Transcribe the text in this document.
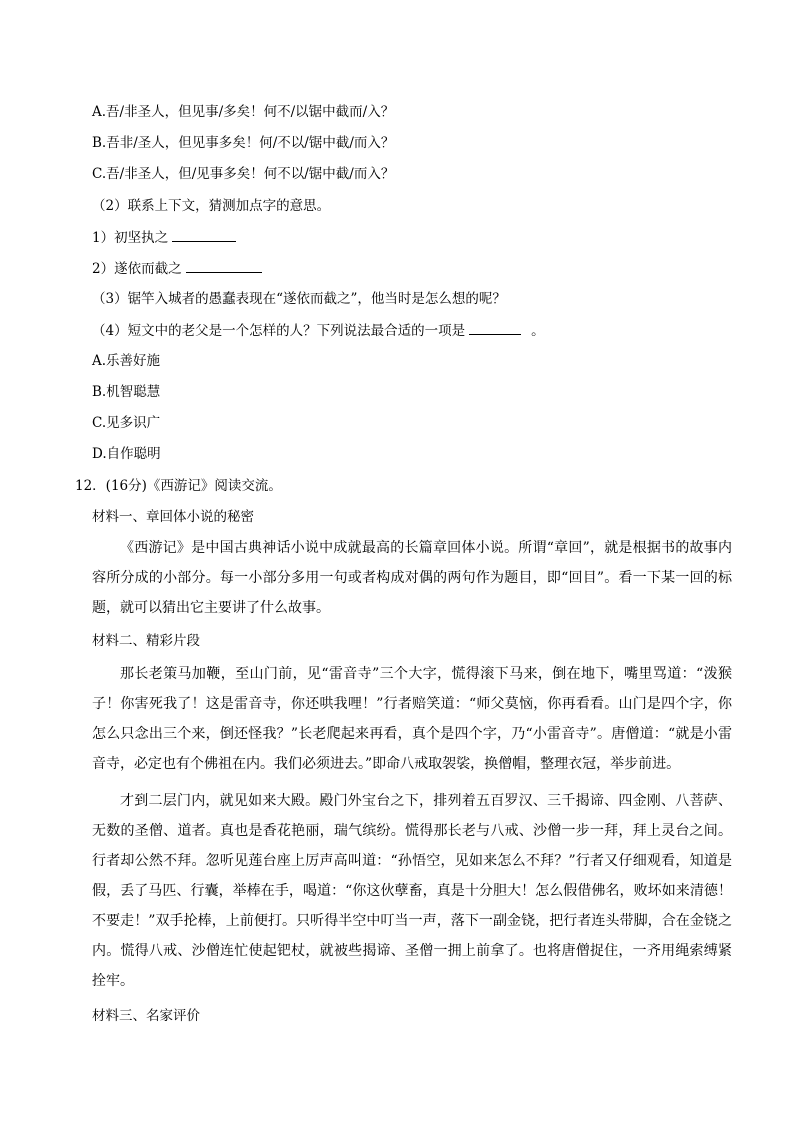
A.吾/非圣人，但见事/多矣！何不/以锯中截而/入？
B.吾非/圣人，但见事多矣！何/不以/锯中截/而入？
C.吾/非圣人，但/见事多矣！何不以/锯中截/而入？
（2）联系上下文，猜测加点字的意思。
1）初坚执之
2）遂依而截之
（3）锯竿入城者的愚蠢表现在“遂依而截之”，他当时是怎么想的呢？
（4）短文中的老父是一个怎样的人？下列说法最合适的一项是	。
A.乐善好施
B.机智聪慧
C.见多识广
D.自作聪明
12．(16分)《西游记》阅读交流。
材料一、章回体小说的秘密
《西游记》是中国古典神话小说中成就最高的长篇章回体小说。所谓“章回”，就是根据书的故事内容所分成的小部分。每一小部分多用一句或者构成对偶的两句作为题目，即“回目”。看一下某一回的标题，就可以猜出它主要讲了什么故事。
材料二、精彩片段
那长老策马加鞭，至山门前，见“雷音寺”三个大字，慌得滚下马来，倒在地下，嘴里骂道：“泼猴子！你害死我了！这是雷音寺，你还哄我哩！”行者赔笑道：“师父莫恼，你再看看。山门是四个字，你怎么只念出三个来，倒还怪我？”长老爬起来再看，真个是四个字，乃“小雷音寺”。唐僧道：“就是小雷音寺，必定也有个佛祖在内。我们必须进去。”即命八戒取袈裟，换僧帽，整理衣冠，举步前进。
才到二层门内，就见如来大殿。殿门外宝台之下，排列着五百罗汉、三千揭谛、四金刚、八菩萨、无数的圣僧、道者。真也是香花艳丽，瑞气缤纷。慌得那长老与八戒、沙僧一步一拜，拜上灵台之间。行者却公然不拜。忽听见莲台座上厉声高叫道：“孙悟空，见如来怎么不拜？”行者又仔细观看，知道是假，丢了马匹、行囊，举棒在手，喝道：“你这伙孽畜，真是十分胆大！怎么假借佛名，败坏如来清德！不要走！”双手抡棒，上前便打。只听得半空中叮当一声，落下一副金铙，把行者连头带脚，合在金铙之内。慌得八戒、沙僧连忙使起钯杖，就被些揭谛、圣僧一拥上前拿了。也将唐僧捉住，一齐用绳索缚紧拴牢。
材料三、名家评价
